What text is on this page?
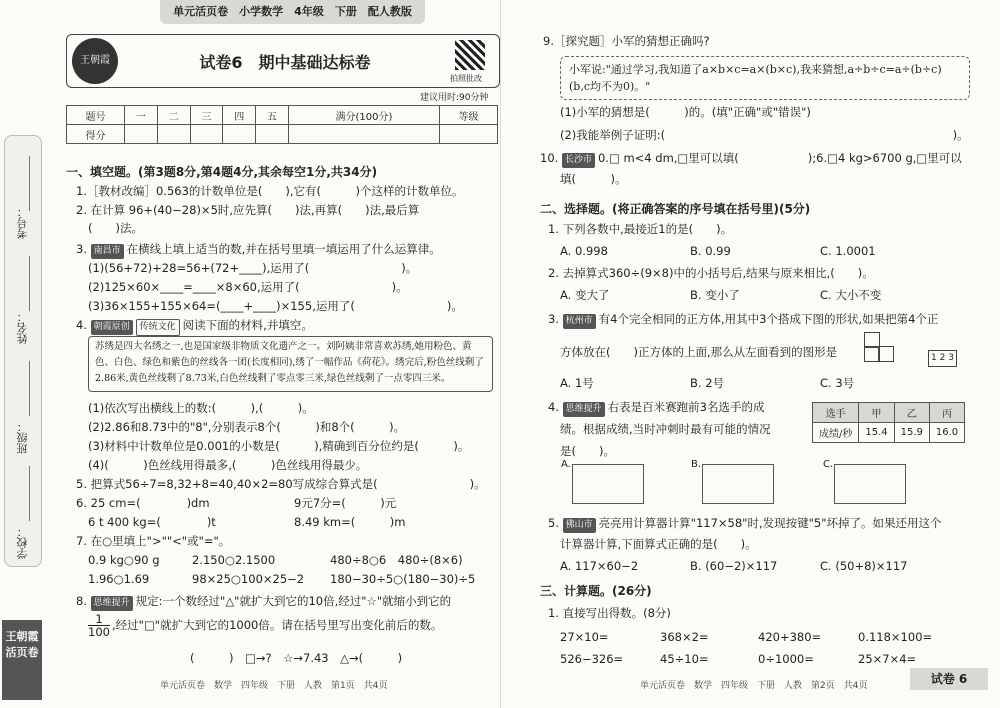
单元活页卷　小学数学　4年级　下册　配人教版
考号：
姓名：
班级：
学校：
王朝霞 活页卷
王朝霞	试卷6　期中基础达标卷
拍照批改
建议用时:90分钟
题号	一	二	三	四	五	满分(100分)	等级
得分							
一、填空题。(第3题8分,第4题4分,其余每空1分,共34分)
1.［教材改编］0.563的计数单位是(　　),它有(　　　)个这样的计数单位。
2. 在计算 96+(40−28)×5时,应先算(　　)法,再算(　　)法,最后算
(　　)法。
3. 南昌市 在横线上填上适当的数,并在括号里填一填运用了什么运算律。
(1)(56+72)+28=56+(72+____),运用了(　　　　　　　　)。
(2)125×60×____=____×8×60,运用了(　　　　　　　　)。
(3)36×155+155×64=(____+____)×155,运用了(　　　　　　　　)。
4. 朝霞原创 传统文化 阅读下面的材料,并填空。
苏绣是四大名绣之一,也是国家级非物质文化遗产之一。刘阿姨非常喜欢苏绣,她用粉色、黄色、白色、绿色和紫色的丝线各一团(长度相同),绣了一幅作品《荷花》。绣完后,粉色丝线剩了2.86米,黄色丝线剩了8.73米,白色丝线剩了零点零三米,绿色丝线剩了一点零四三米。
(1)依次写出横线上的数:(　　　),(　　　)。
(2)2.86和8.73中的"8",分别表示8个(　　　)和8个(　　　)。
(3)材料中计数单位是0.001的小数是(　　　),精确到百分位约是(　　　)。
(4)(　　　)色丝线用得最多,(　　　)色丝线用得最少。
5. 把算式56÷7=8,32+8=40,40×2=80写成综合算式是(　　　　　　　　)。
6. 25 cm=(　　　　)dm	9元7分=(　　　)元
6 t 400 kg=(　　　　)t	8.49 km=(　　　)m
7. 在○里填上">""<"或"="。
0.9 kg○90 g	2.150○2.1500	480÷8○6　480÷(8×6)
1.96○1.69	98×25○100×25−2 180−30÷5○(180−30)÷5
8. 思维提升 规定:一个数经过"△"就扩大到它的10倍,经过"☆"就缩小到它的
1
100 ,经过"□"就扩大到它的1000倍。请在括号里写出变化前后的数。
(　　　)　□→?　☆→7.43　△→(　　　)
单元活页卷　数学　四年级　下册　人教　第1页　共4页
9.［探究题］小军的猜想正确吗?
小军说:"通过学习,我知道了a×b×c=a×(b×c),我来猜想,a÷b÷c=a÷(b÷c)(b,c均不为0)。"
(1)小军的猜想是(　　　)的。(填"正确"或"错误")
(2)我能举例子证明:(　　　　　　　　　　　　　　　　　　　　　　　　　)。
10. 长沙市 0.□ m<4 dm,□里可以填(　　　　　　);6.□4 kg>6700 g,□里可以
填(　　　)。
二、选择题。(将正确答案的序号填在括号里)(5分)
1. 下列各数中,最接近1的是(　　)。
A. 0.998	B. 0.99	C. 1.0001
2. 去掉算式360÷(9×8)中的小括号后,结果与原来相比,(　　)。
A. 变大了	B. 变小了	C. 大小不变
3. 杭州市 有4个完全相同的正方体,用其中3个搭成下图的形状,如果把第4个正
方体放在(　　)正方体的上面,那么从左面看到的图形是	1 2 3
A. 1号	B. 2号	C. 3号
4. 思维提升 右表是百米赛跑前3名选手的成
绩。根据成绩,当时冲刺时最有可能的情况
是(　　)。
选手	甲	乙	丙
成绩/秒	15.4	15.9	16.0
A.	B.	C.
5. 佛山市 亮亮用计算器计算"117×58"时,发现按键"5"坏掉了。如果还用这个
计算器计算,下面算式正确的是(　　)。
A. 117×60−2	B. (60−2)×117	C. (50+8)×117
三、计算题。(26分)
1. 直接写出得数。(8分)
27×10=	368×2=	420+380=	0.118×100=
526−326=	45÷10=	0÷1000=	25×7×4=
单元活页卷　数学　四年级　下册　人教　第2页　共4页	试卷 6
